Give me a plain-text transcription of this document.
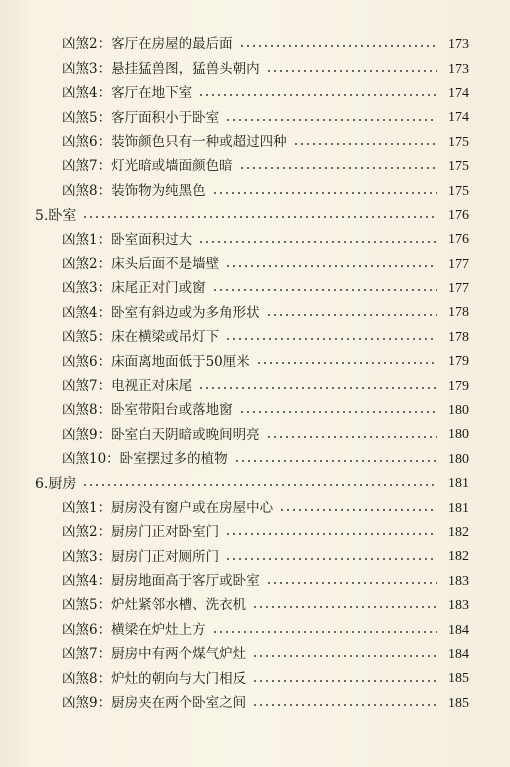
凶煞2：客厅在房屋的最后面	173
凶煞3：悬挂猛兽图，猛兽头朝内	173
凶煞4：客厅在地下室	174
凶煞5：客厅面积小于卧室	174
凶煞6：装饰颜色只有一种或超过四种	175
凶煞7：灯光暗或墙面颜色暗	175
凶煞8：装饰物为纯黑色	175
5.卧室	176
凶煞1：卧室面积过大	176
凶煞2：床头后面不是墙壁	177
凶煞3：床尾正对门或窗	177
凶煞4：卧室有斜边或为多角形状	178
凶煞5：床在横梁或吊灯下	178
凶煞6：床面离地面低于50厘米	179
凶煞7：电视正对床尾	179
凶煞8：卧室带阳台或落地窗	180
凶煞9：卧室白天阴暗或晚间明亮	180
凶煞10：卧室摆过多的植物	180
6.厨房	181
凶煞1：厨房没有窗户或在房屋中心	181
凶煞2：厨房门正对卧室门	182
凶煞3：厨房门正对厕所门	182
凶煞4：厨房地面高于客厅或卧室	183
凶煞5：炉灶紧邻水槽、洗衣机	183
凶煞6：横梁在炉灶上方	184
凶煞7：厨房中有两个煤气炉灶	184
凶煞8：炉灶的朝向与大门相反	185
凶煞9：厨房夹在两个卧室之间	185
